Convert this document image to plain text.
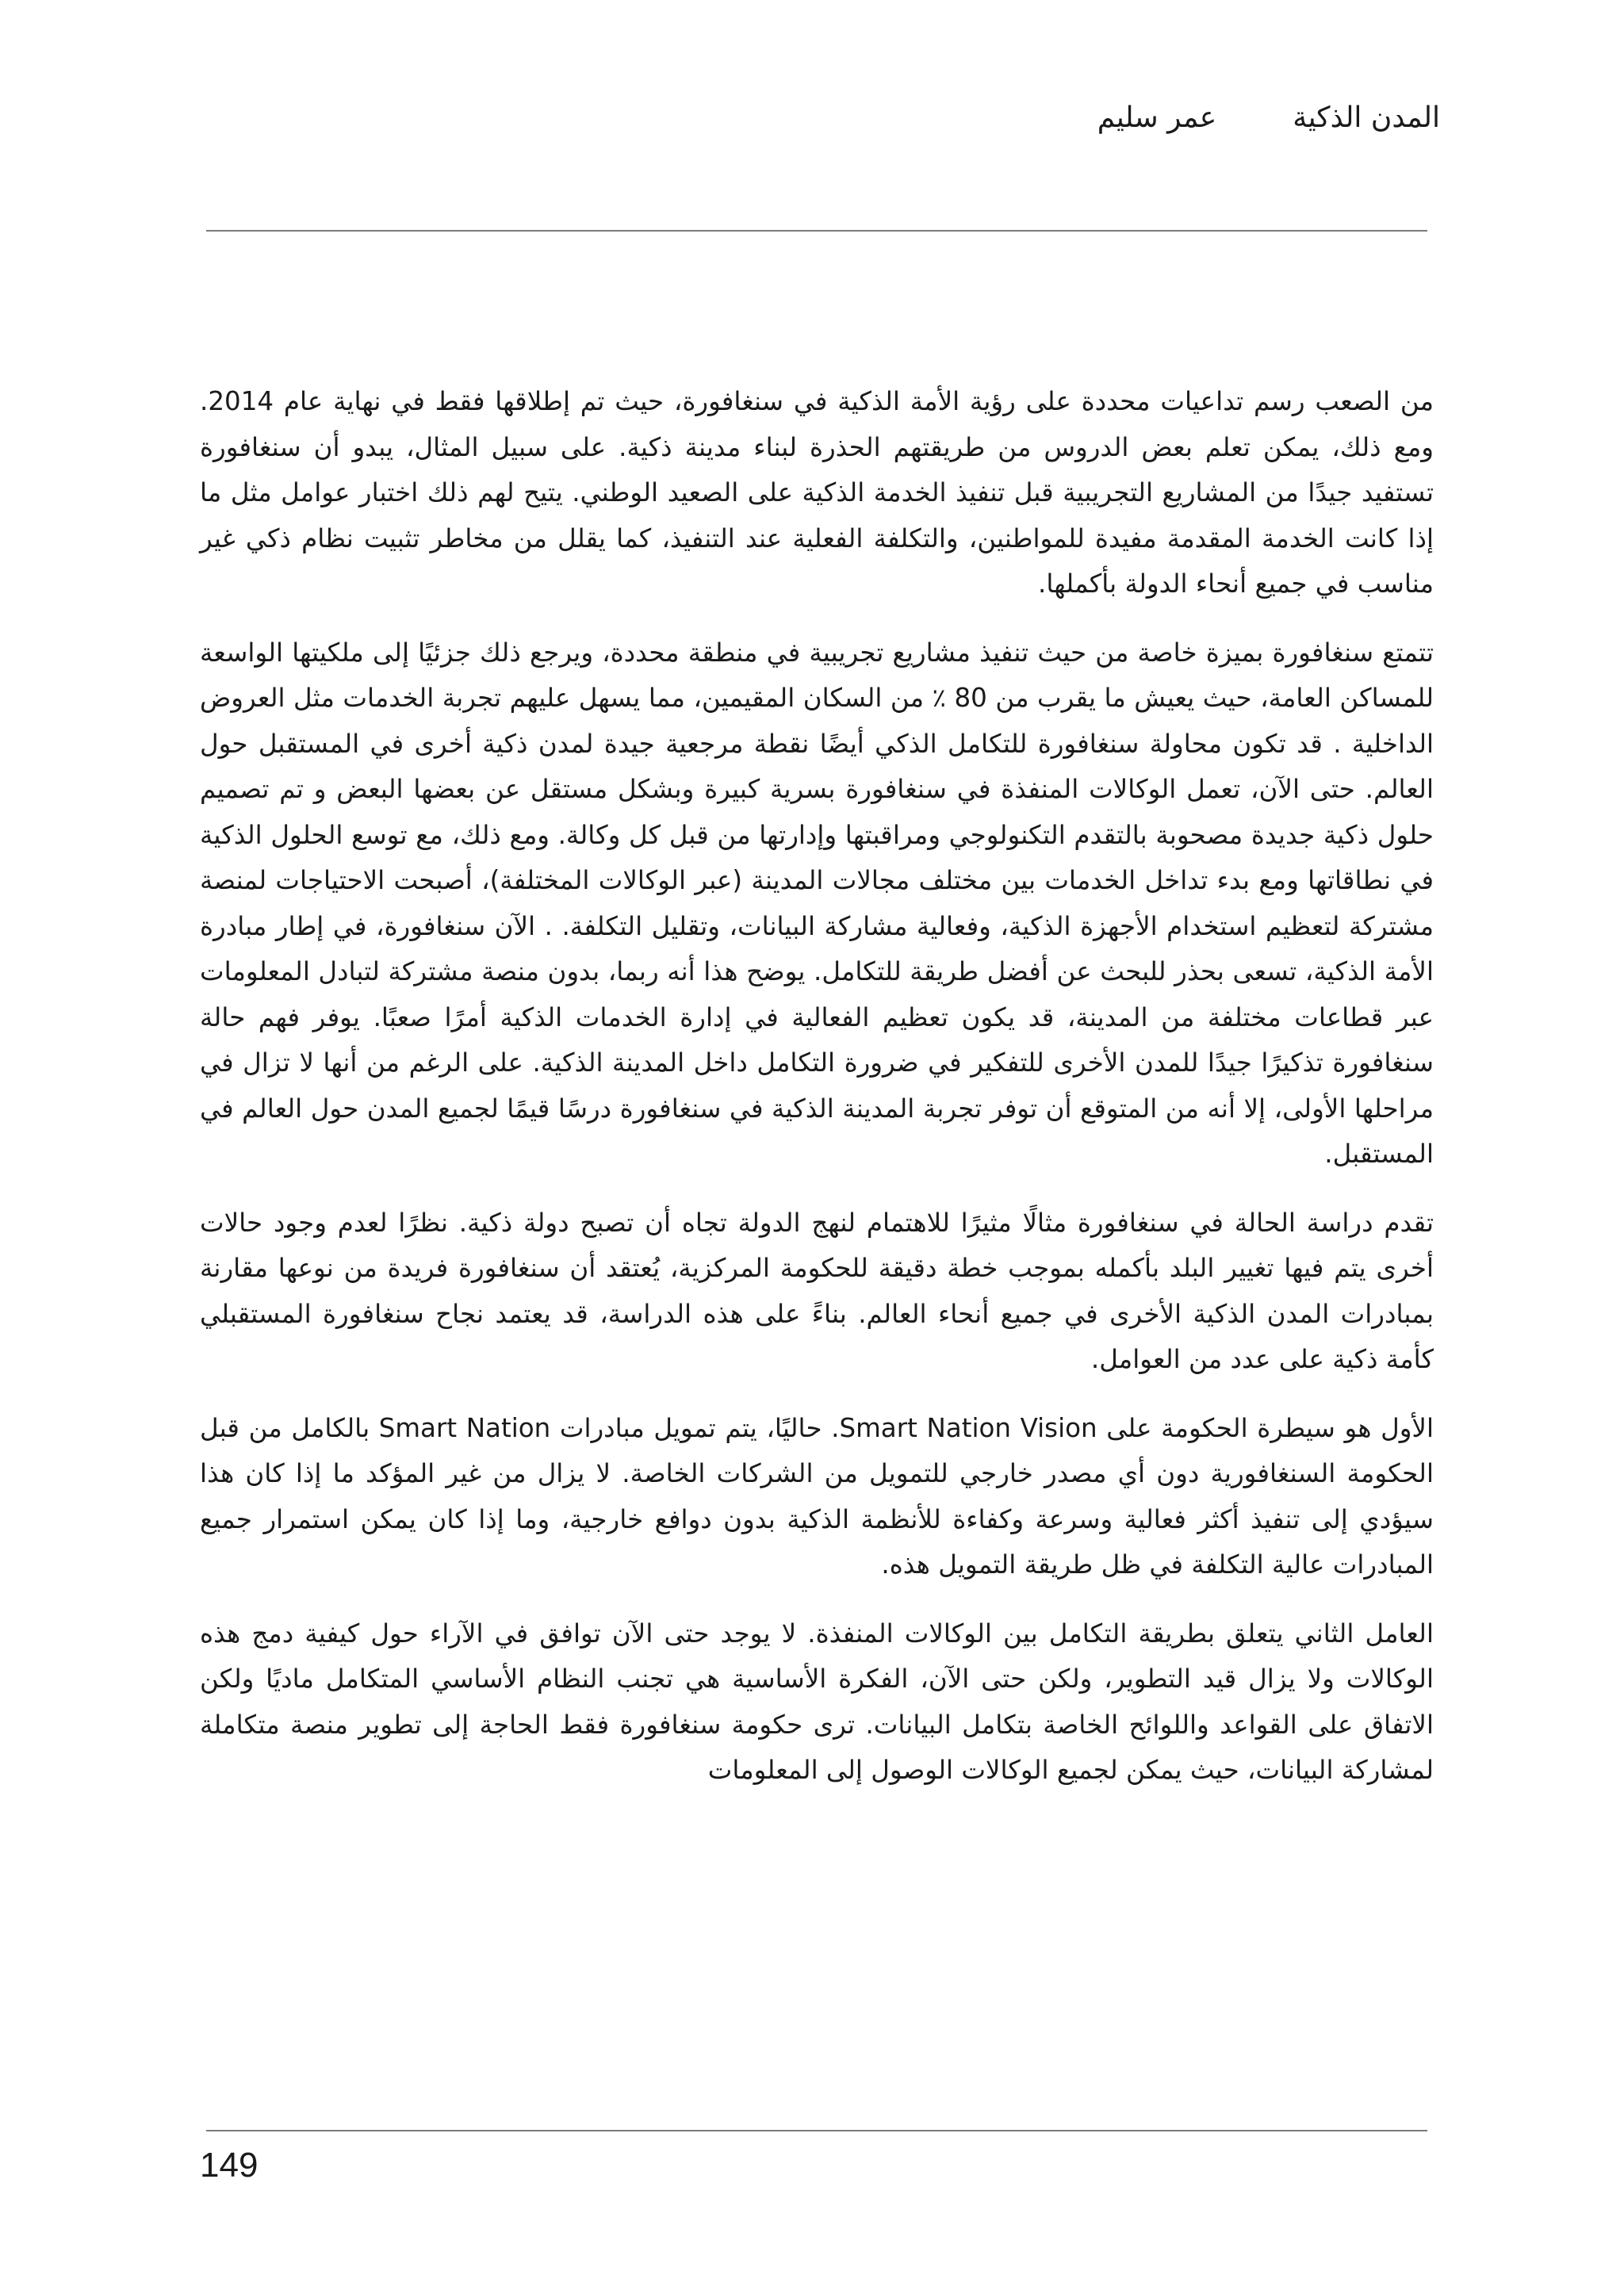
المدن الذكية
عمر سليم

من الصعب رسم تداعيات محددة على رؤية الأمة الذكية في سنغافورة، حيث تم إطلاقها فقط في نهاية عام 2014. ومع ذلك، يمكن تعلم بعض الدروس من طريقتهم الحذرة لبناء مدينة ذكية. على سبيل المثال، يبدو أن سنغافورة تستفيد جيدًا من المشاريع التجريبية قبل تنفيذ الخدمة الذكية على الصعيد الوطني. يتيح لهم ذلك اختبار عوامل مثل ما إذا كانت الخدمة المقدمة مفيدة للمواطنين، والتكلفة الفعلية عند التنفيذ، كما يقلل من مخاطر تثبيت نظام ذكي غير مناسب في جميع أنحاء الدولة بأكملها.

تتمتع سنغافورة بميزة خاصة من حيث تنفيذ مشاريع تجريبية في منطقة محددة، ويرجع ذلك جزئيًا إلى ملكيتها الواسعة للمساكن العامة، حيث يعيش ما يقرب من 80 ٪ من السكان المقيمين، مما يسهل عليهم تجربة الخدمات مثل العروض الداخلية . قد تكون محاولة سنغافورة للتكامل الذكي أيضًا نقطة مرجعية جيدة لمدن ذكية أخرى في المستقبل حول العالم. حتى الآن، تعمل الوكالات المنفذة في سنغافورة بسرية كبيرة وبشكل مستقل عن بعضها البعض و تم تصميم حلول ذكية جديدة مصحوبة بالتقدم التكنولوجي ومراقبتها وإدارتها من قبل كل وكالة. ومع ذلك، مع توسع الحلول الذكية في نطاقاتها ومع بدء تداخل الخدمات بين مختلف مجالات المدينة (عبر الوكالات المختلفة)، أصبحت الاحتياجات لمنصة مشتركة لتعظيم استخدام الأجهزة الذكية، وفعالية مشاركة البيانات، وتقليل التكلفة. . الآن سنغافورة، في إطار مبادرة الأمة الذكية، تسعى بحذر للبحث عن أفضل طريقة للتكامل. يوضح هذا أنه ربما، بدون منصة مشتركة لتبادل المعلومات عبر قطاعات مختلفة من المدينة، قد يكون تعظيم الفعالية في إدارة الخدمات الذكية أمرًا صعبًا. يوفر فهم حالة سنغافورة تذكيرًا جيدًا للمدن الأخرى للتفكير في ضرورة التكامل داخل المدينة الذكية. على الرغم من أنها لا تزال في مراحلها الأولى، إلا أنه من المتوقع أن توفر تجربة المدينة الذكية في سنغافورة درسًا قيمًا لجميع المدن حول العالم في المستقبل.

تقدم دراسة الحالة في سنغافورة مثالًا مثيرًا للاهتمام لنهج الدولة تجاه أن تصبح دولة ذكية. نظرًا لعدم وجود حالات أخرى يتم فيها تغيير البلد بأكمله بموجب خطة دقيقة للحكومة المركزية، يُعتقد أن سنغافورة فريدة من نوعها مقارنة بمبادرات المدن الذكية الأخرى في جميع أنحاء العالم. بناءً على هذه الدراسة، قد يعتمد نجاح سنغافورة المستقبلي كأمة ذكية على عدد من العوامل.

الأول هو سيطرة الحكومة على Smart Nation Vision. حاليًا، يتم تمويل مبادرات Smart Nation بالكامل من قبل الحكومة السنغافورية دون أي مصدر خارجي للتمويل من الشركات الخاصة. لا يزال من غير المؤكد ما إذا كان هذا سيؤدي إلى تنفيذ أكثر فعالية وسرعة وكفاءة للأنظمة الذكية بدون دوافع خارجية، وما إذا كان يمكن استمرار جميع المبادرات عالية التكلفة في ظل طريقة التمويل هذه.

العامل الثاني يتعلق بطريقة التكامل بين الوكالات المنفذة. لا يوجد حتى الآن توافق في الآراء حول كيفية دمج هذه الوكالات ولا يزال قيد التطوير، ولكن حتى الآن، الفكرة الأساسية هي تجنب النظام الأساسي المتكامل ماديًا ولكن الاتفاق على القواعد واللوائح الخاصة بتكامل البيانات. ترى حكومة سنغافورة فقط الحاجة إلى تطوير منصة متكاملة لمشاركة البيانات، حيث يمكن لجميع الوكالات الوصول إلى المعلومات

149
